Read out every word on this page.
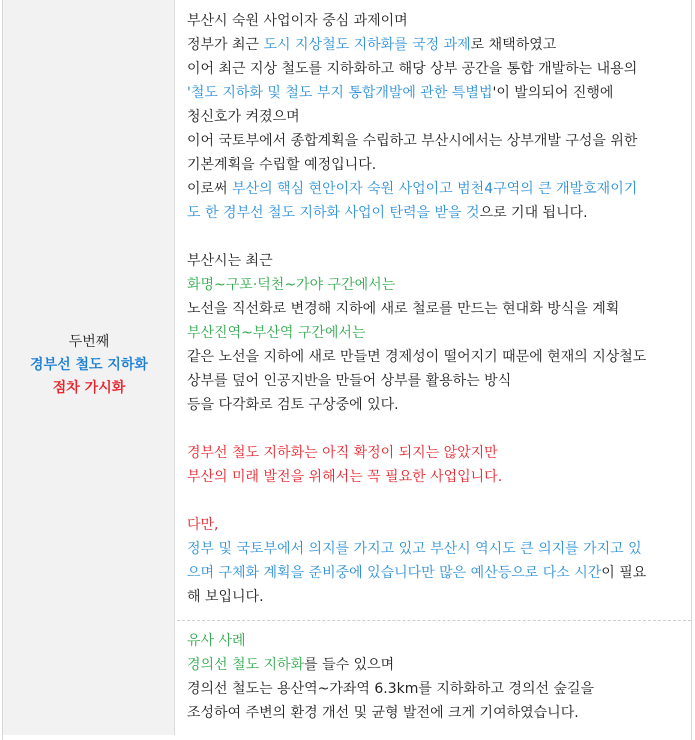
두번째
경부선 철도 지하화
점차 가시화
부산시 숙원 사업이자 중심 과제이며
정부가 최근 도시 지상철도 지하화를 국정 과제로 채택하였고
이어 최근 지상 철도를 지하화하고 해당 상부 공간을 통합 개발하는 내용의
'철도 지하화 및 철도 부지 통합개발에 관한 특별법'이 발의되어 진행에
청신호가 켜졌으며
이어 국토부에서 종합계획을 수립하고 부산시에서는 상부개발 구성을 위한
기본계획을 수립할 예정입니다.
이로써 부산의 핵심 현안이자 숙원 사업이고 범천4구역의 큰 개발호재이기
도 한 경부선 철도 지하화 사업이 탄력을 받을 것으로 기대 됩니다.
부산시는 최근
화명~구포·덕천~가야 구간에서는
노선을 직선화로 변경해 지하에 새로 철로를 만드는 현대화 방식을 계획
부산진역~부산역 구간에서는
같은 노선을 지하에 새로 만들면 경제성이 떨어지기 때문에 현재의 지상철도
상부를 덮어 인공지반을 만들어 상부를 활용하는 방식
등을 다각화로 검토 구상중에 있다.
경부선 철도 지하화는 아직 확정이 되지는 않았지만
부산의 미래 발전을 위해서는 꼭 필요한 사업입니다.
다만,
정부 및 국토부에서 의지를 가지고 있고 부산시 역시도 큰 의지를 가지고 있
으며 구체화 계획을 준비중에 있습니다만 많은 예산등으로 다소 시간이 필요
해 보입니다.
유사 사례
경의선 철도 지하화를 들수 있으며
경의선 철도는 용산역~가좌역 6.3km를 지하화하고 경의선 숲길을
조성하여 주변의 환경 개선 및 균형 발전에 크게 기여하였습니다.
